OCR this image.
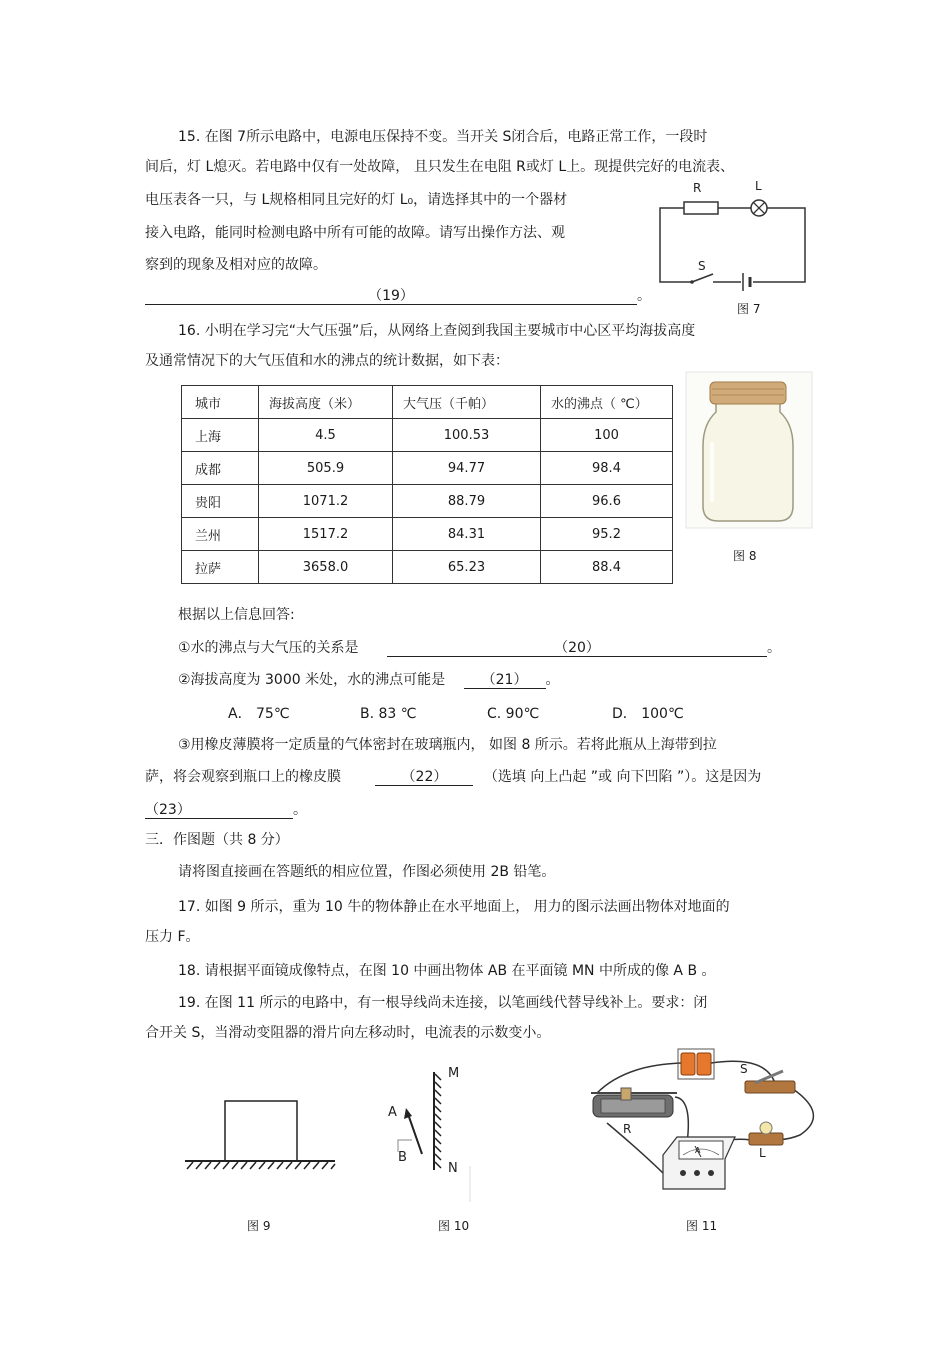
15. 在图 7所示电路中，电源电压保持不变。当开关 S闭合后，电路正常工作，一段时
间后，灯 L熄灭。若电路中仅有一处故障， 且只发生在电阻 R或灯 L上。现提供完好的电流表、
电压表各一只，与 L规格相同且完好的灯 L₀，请选择其中的一个器材
接入电路，能同时检测电路中所有可能的故障。请写出操作方法、观
察到的现象及相对应的故障。
（19）	。
R	L
S
图 7
16. 小明在学习完“大气压强”后，从网络上查阅到我国主要城市中心区平均海拔高度
及通常情况下的大气压值和水的沸点的统计数据，如下表：
城市	海拔高度（米）	大气压（千帕）	水的沸点（ ℃）
上海	4.5	100.53	100
成都	505.9	94.77	98.4
贵阳	1071.2	88.79	96.6
兰州	1517.2	84.31	95.2
拉萨	3658.0	65.23	88.4
图 8
根据以上信息回答:
①水的沸点与大气压的关系是	（20）	。
②海拔高度为 3000 米处，水的沸点可能是	（21） 。
A． 75℃	B. 83 ℃	C. 90℃	D． 100℃
③用橡皮薄膜将一定质量的气体密封在玻璃瓶内， 如图 8 所示。若将此瓶从上海带到拉
萨，将会观察到瓶口上的橡皮膜	（22）	（选填 向上凸起 ”或 向下凹陷 ”）。这是因为
（23）	。
三．作图题（共 8 分）
请将图直接画在答题纸的相应位置，作图必须使用 2B 铅笔。
17. 如图 9 所示，重为 10 牛的物体静止在水平地面上， 用力的图示法画出物体对地面的
压力 F。
18. 请根据平面镜成像特点，在图 10 中画出物体 AB 在平面镜 MN 中所成的像 A B 。
19. 在图 11 所示的电路中，有一根导线尚未连接，以笔画线代替导线补上。要求：闭
合开关 S，当滑动变阻器的滑片向左移动时，电流表的示数变小。
图 9
A
B
M
N
图 10
S
R
L
A
图 11
